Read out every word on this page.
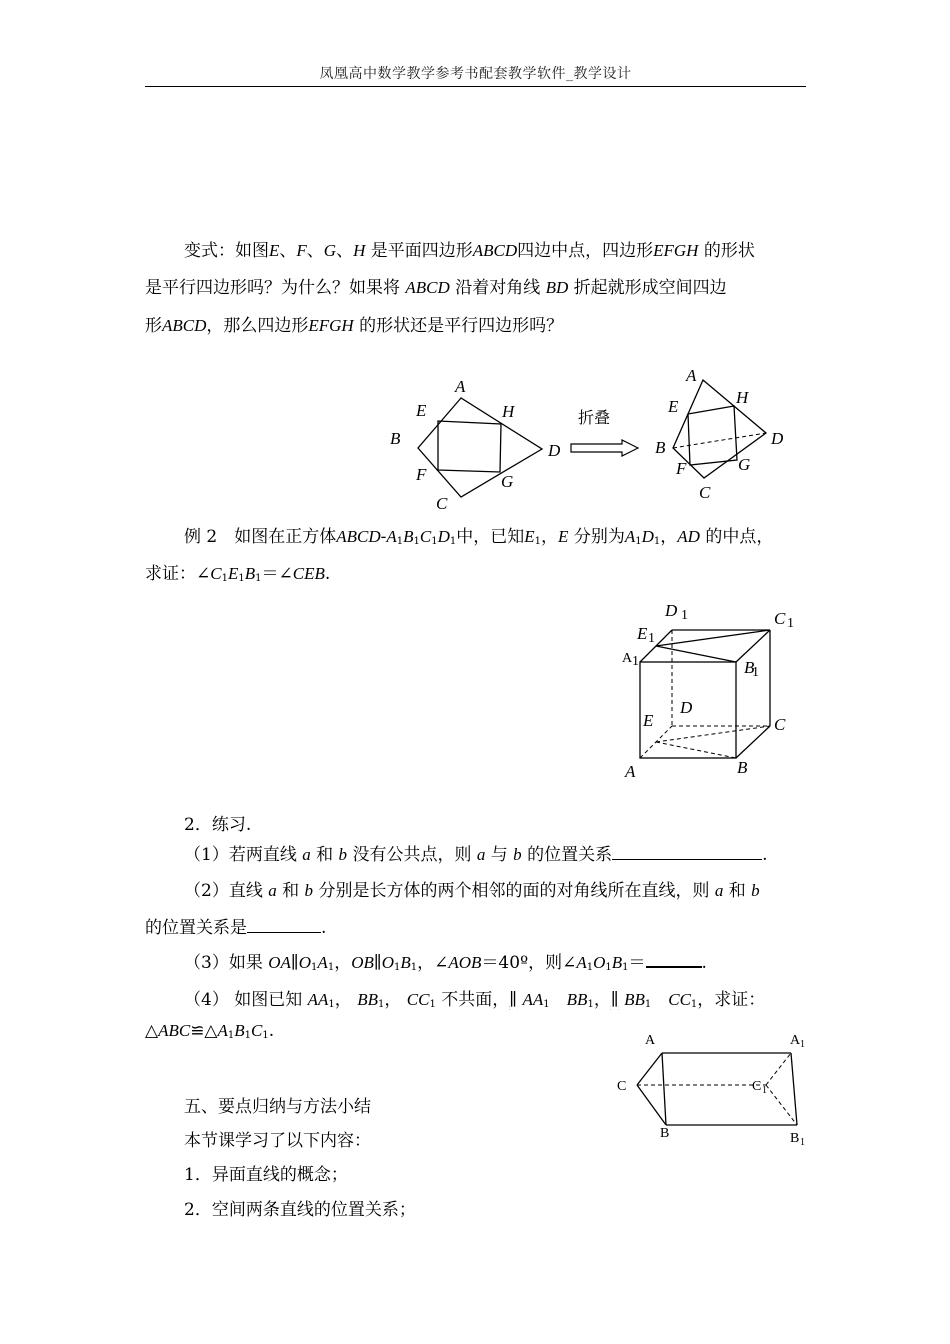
凤凰高中数学教学参考书配套教学软件_教学设计
变式：如图E、F、G、H 是平面四边形ABCD四边中点，四边形EFGH 的形状
是平行四边形吗？为什么？如果将 ABCD 沿着对角线 BD 折起就形成空间四边
形ABCD，那么四边形EFGH 的形状还是平行四边形吗？
A
E	H
B
D
F	G
C
折叠
A
E	H
B	D
F	G
C
例 2　如图在正方体ABCD-$A_1B_1C_1D_1$中，已知$E_1$，E 分别为$A_1D_1$，AD 的中点，
求证：$\angle C_1E_1B_1=\angle CEB$.
D 1	C 1
E 1
A 1	B
1
E
D
C
A	B
2．练习.
（1）若两直线 a 和 b 没有公共点，则 a 与 b 的位置关系	.
（2）直线 a 和 b 分别是长方体的两个相邻的面的对角线所在直线，则 a 和 b
的位置关系是	.
（3）如果 $OA\parallel O_1A_1$，$OB\parallel O_1B_1$，∠AOB＝40º，则$\angle A_1O_1B_1=$	.
（4） 如图已知 $AA_1$， $BB_1$， $CC_1$ 不共面，∥ $AA_1$　 $BB_1$，∥ $BB_1$　 $CC_1$，求证：
$\triangle ABC≌\triangle A_1B_1C_1$.	A	A 1
C	C 1
B	B 1
五、要点归纳与方法小结
本节课学习了以下内容：
1．异面直线的概念；
2．空间两条直线的位置关系；
